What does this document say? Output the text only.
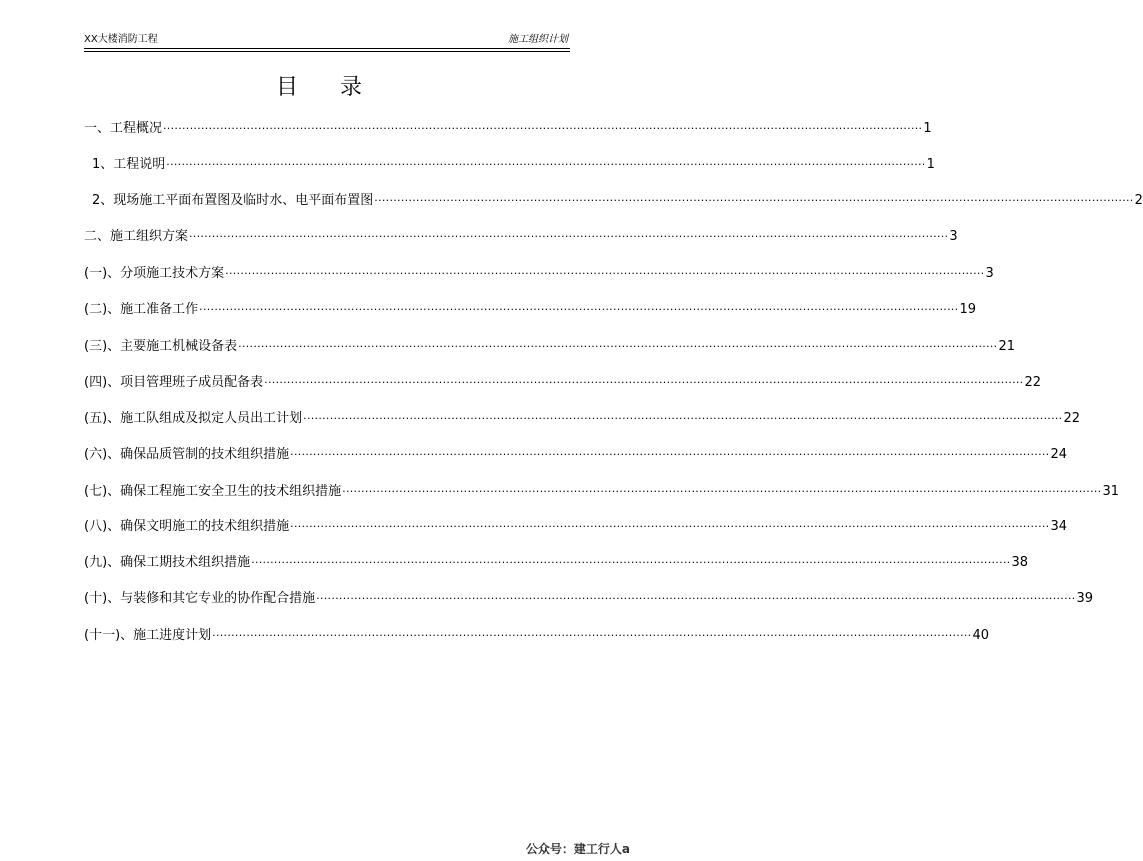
XX大楼消防工程	施工组织计划
目录
一、工程概况 ········································································································································································································ 1
1、工程说明 ········································································································································································································ 1
2、现场施工平面布置图及临时水、电平面布置图 ········································································································································································································ 2
二、施工组织方案 ········································································································································································································ 3
(一)、分项施工技术方案 ········································································································································································································ 3
(二)、施工准备工作 ········································································································································································································ 19
(三)、主要施工机械设备表 ········································································································································································································ 21
(四)、项目管理班子成员配备表 ········································································································································································································ 22
(五)、施工队组成及拟定人员出工计划 ········································································································································································································ 22
(六)、确保品质管制的技术组织措施 ········································································································································································································ 24
(七)、确保工程施工安全卫生的技术组织措施 ········································································································································································································ 31
(八)、确保文明施工的技术组织措施 ········································································································································································································ 34
(九)、确保工期技术组织措施 ········································································································································································································ 38
(十)、与装修和其它专业的协作配合措施 ········································································································································································································ 39
(十一)、施工进度计划 ········································································································································································································ 40
公众号：建工行人a
